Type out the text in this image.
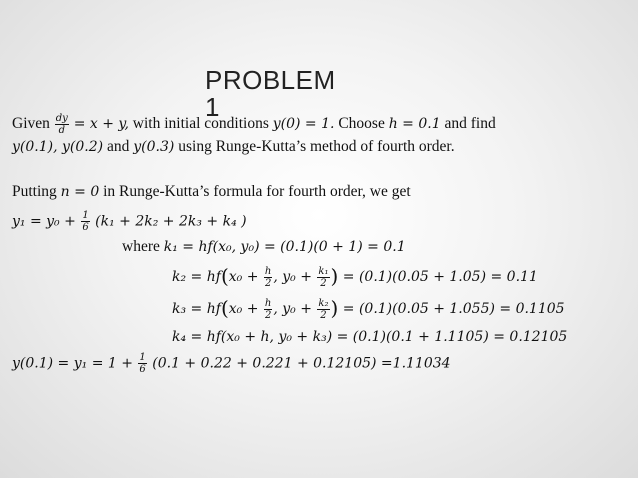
PROBLEM 1
Given $\frac{dy}{d} = x + y$, with initial conditions y(0) = 1. Choose h = 0.1 and find
y(0.1), y(0.2) and y(0.3) using Runge-Kutta’s method of fourth order.
Putting n = 0 in Runge-Kutta’s formula for fourth order, we get
$y_1 = y_0 + \frac{1}{6} (k_1 + 2k_2 + 2k_3 + k_4$ )
where k₁ = hf(x₀, y₀) = (0.1)(0 + 1) = 0.1
$k_2 = hf(x_0 + \frac{h}{2}$ , $y_0 + \frac{\text{k₁}}{2}$ ) = (0.1)(0.05 + 1.05) = 0.11
$k_3 = hf(x_0 + \frac{h}{2}$ , $y_0 + \frac{\text{k₂}}{2}$ ) = (0.1)(0.05 + 1.055) = 0.1105
k₄ = hf(x₀ + h, y₀ + k₃) = (0.1)(0.1 + 1.1105) = 0.12105
$y(0.1) = y_1 = 1 + \frac{1}{6} (0.1 + 0.22 + 0.221 + 0.12105) =1.11034$
